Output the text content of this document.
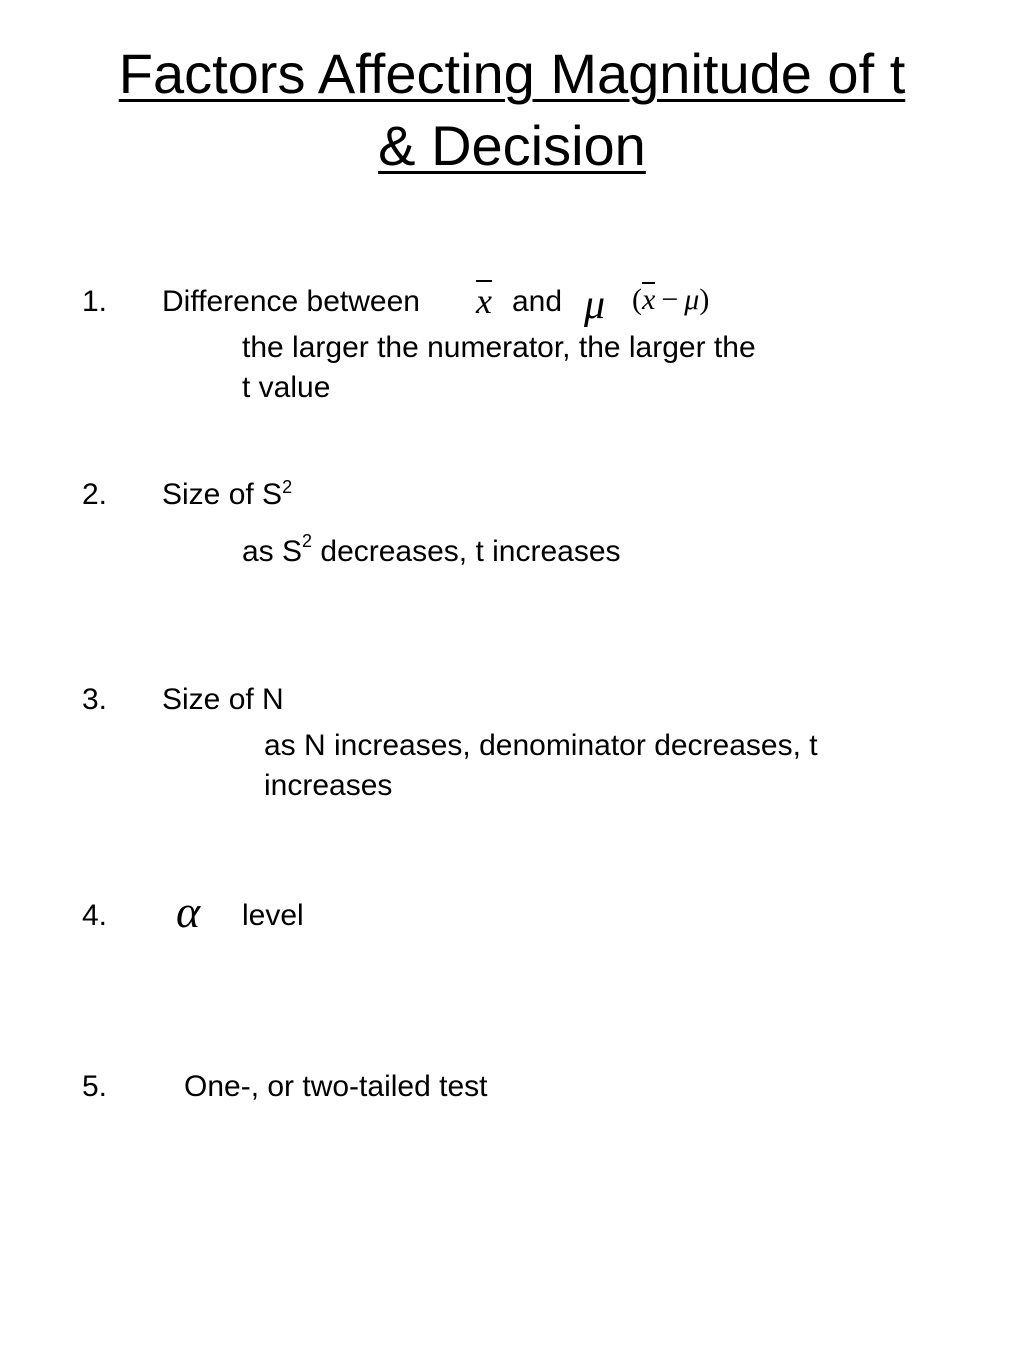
Factors Affecting Magnitude of t
& Decision
1. Difference between x and μ (x − μ)
the larger the numerator, the larger the
t value
2. Size of $S^2$
as $S^2$ decreases, t increases
3. Size of N
as N increases, denominator decreases, t
increases
4. α level
5.	One-, or two-tailed test
